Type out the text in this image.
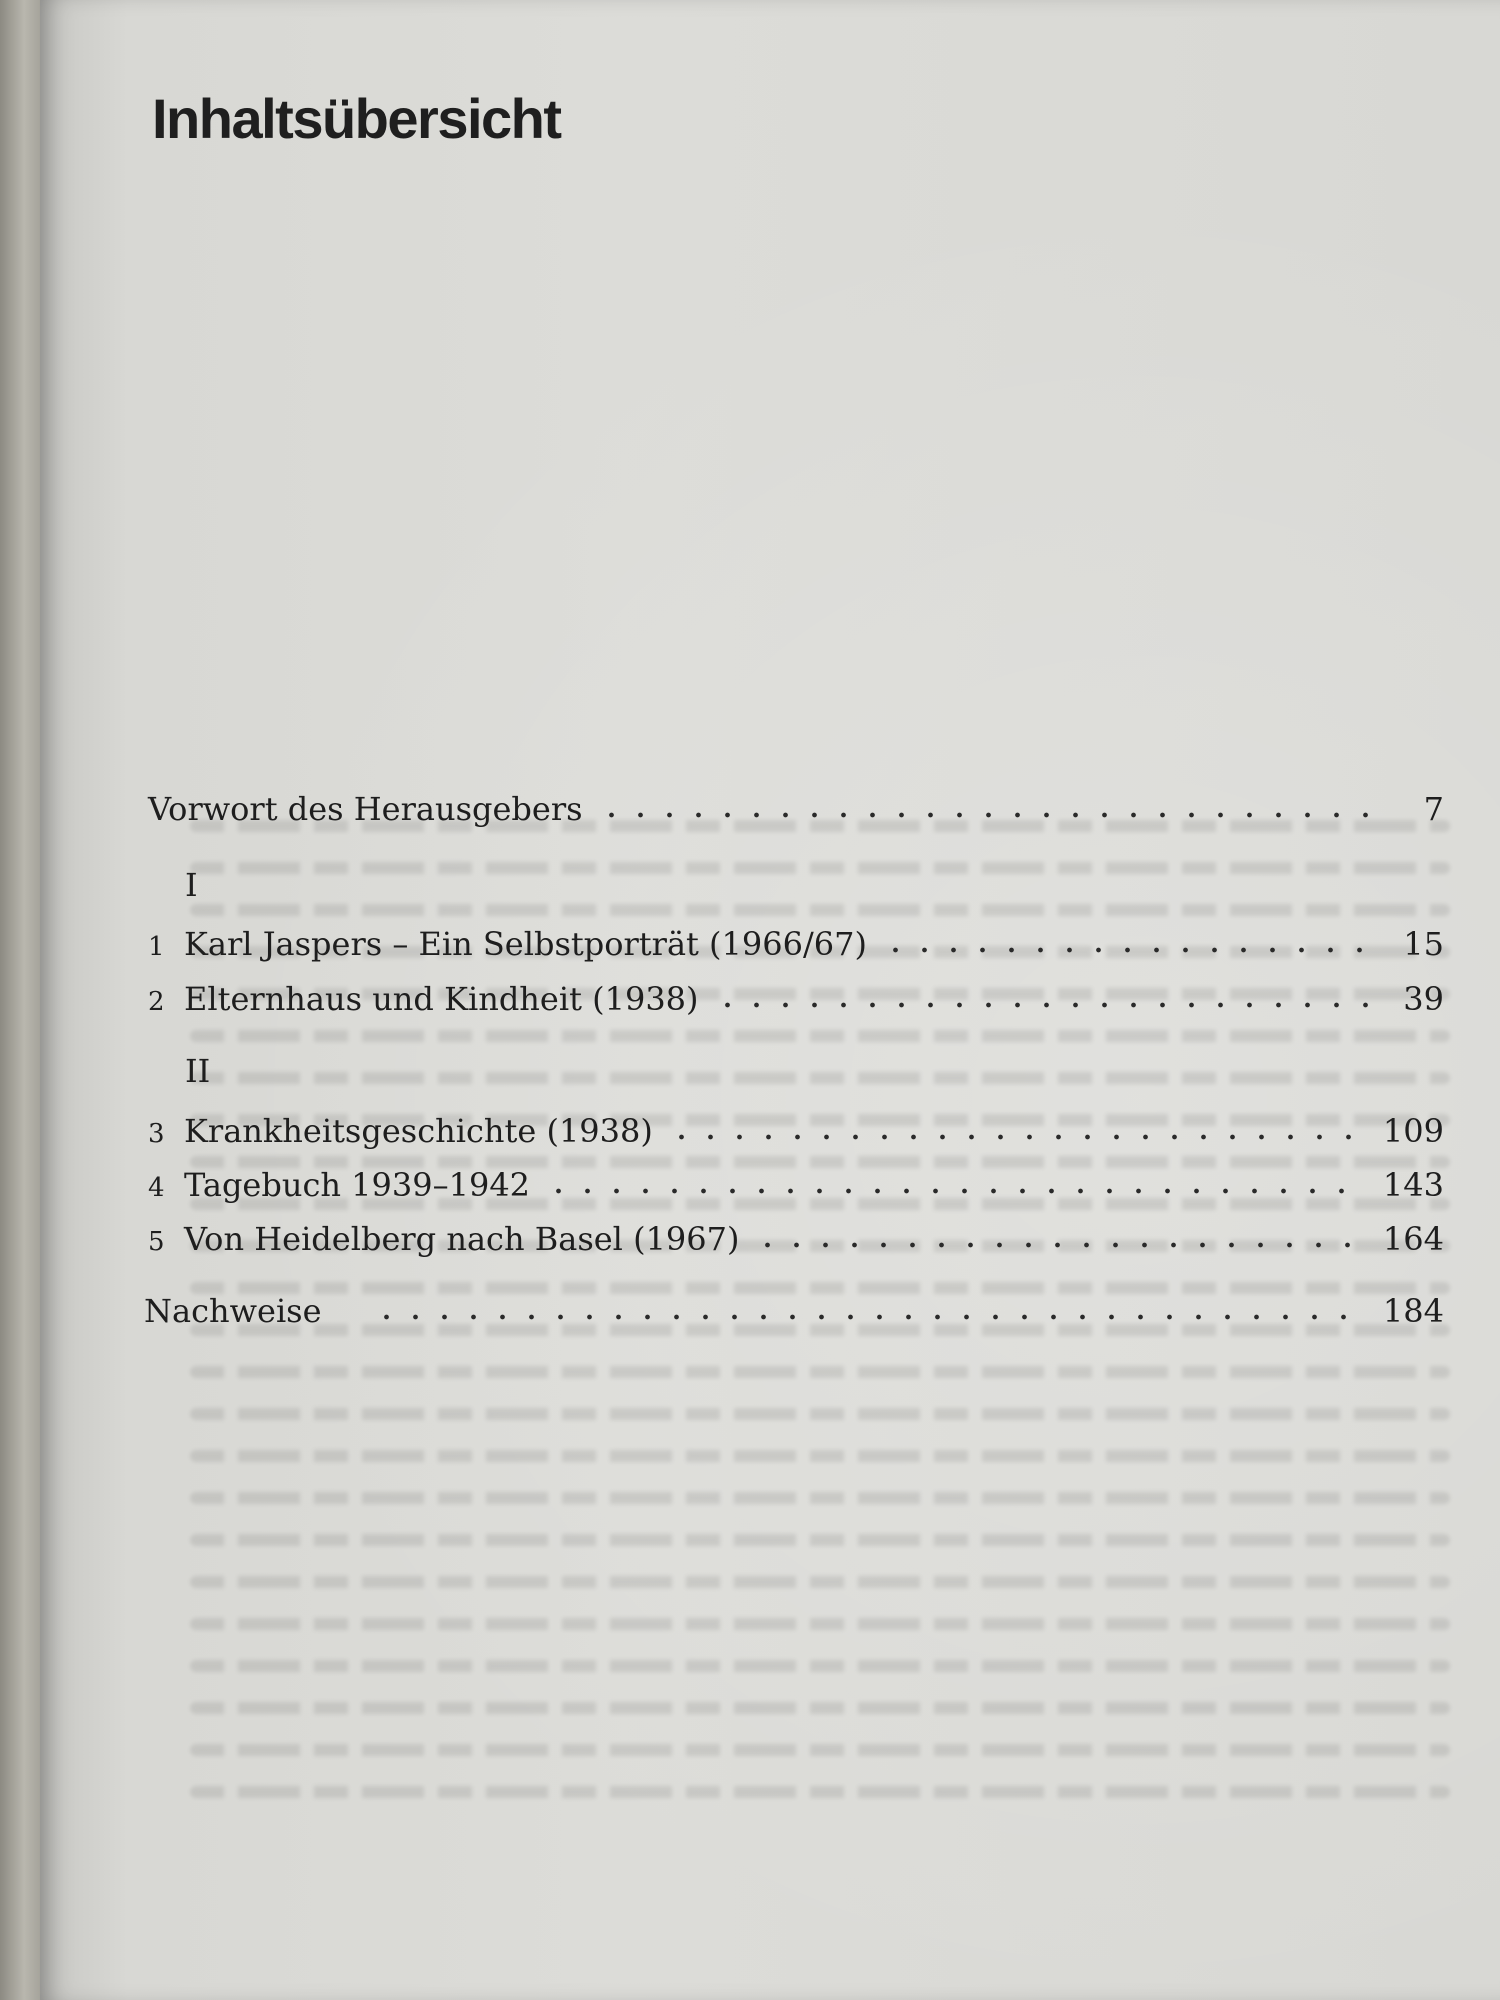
Inhaltsübersicht
Vorwort des Herausgebers	7
I
1 Karl Jaspers – Ein Selbstporträt (1966/67)	15
2 Elternhaus und Kindheit (1938)	39
II
3 Krankheitsgeschichte (1938)	109
4 Tagebuch 1939–1942	143
5 Von Heidelberg nach Basel (1967)	164
Nachweise	184
